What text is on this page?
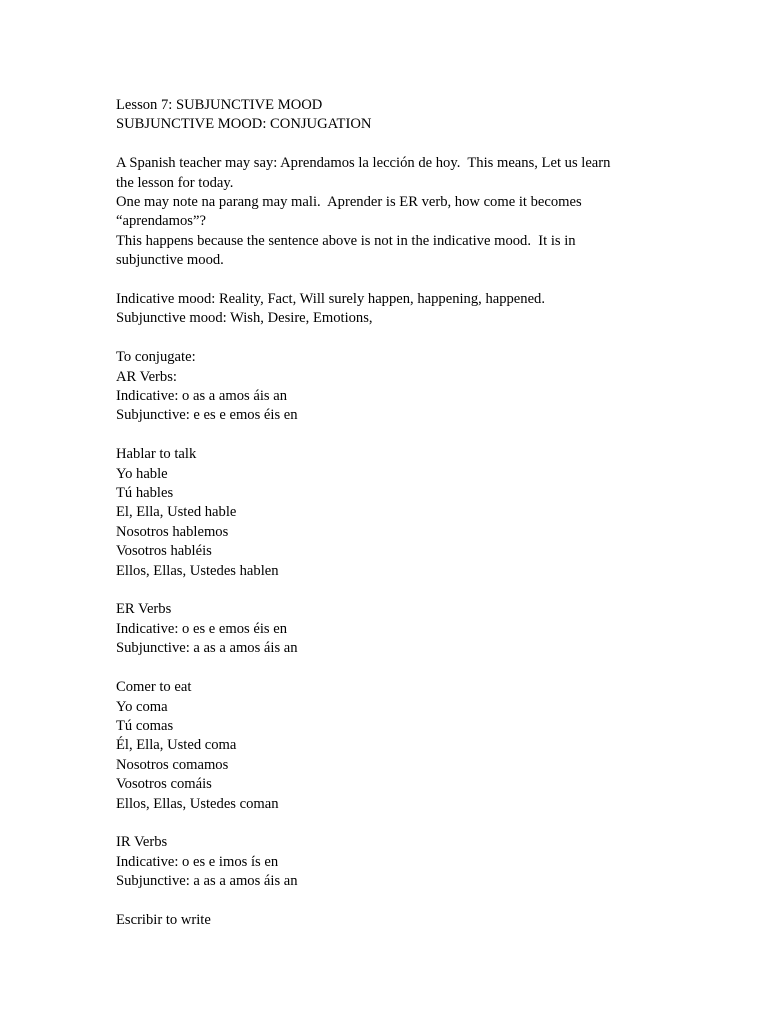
Lesson 7: SUBJUNCTIVE MOOD
SUBJUNCTIVE MOOD: CONJUGATION
A Spanish teacher may say: Aprendamos la lección de hoy.  This means, Let us learn
the lesson for today.
One may note na parang may mali.  Aprender is ER verb, how come it becomes
“aprendamos”?
This happens because the sentence above is not in the indicative mood.  It is in
subjunctive mood.
Indicative mood: Reality, Fact, Will surely happen, happening, happened.
Subjunctive mood: Wish, Desire, Emotions,
To conjugate:
AR Verbs:
Indicative: o as a amos áis an
Subjunctive: e es e emos éis en
Hablar to talk
Yo hable
Tú hables
El, Ella, Usted hable
Nosotros hablemos
Vosotros habléis
Ellos, Ellas, Ustedes hablen
ER Verbs
Indicative: o es e emos éis en
Subjunctive: a as a amos áis an
Comer to eat
Yo coma
Tú comas
Él, Ella, Usted coma
Nosotros comamos
Vosotros comáis
Ellos, Ellas, Ustedes coman
IR Verbs
Indicative: o es e imos ís en
Subjunctive: a as a amos áis an
Escribir to write
